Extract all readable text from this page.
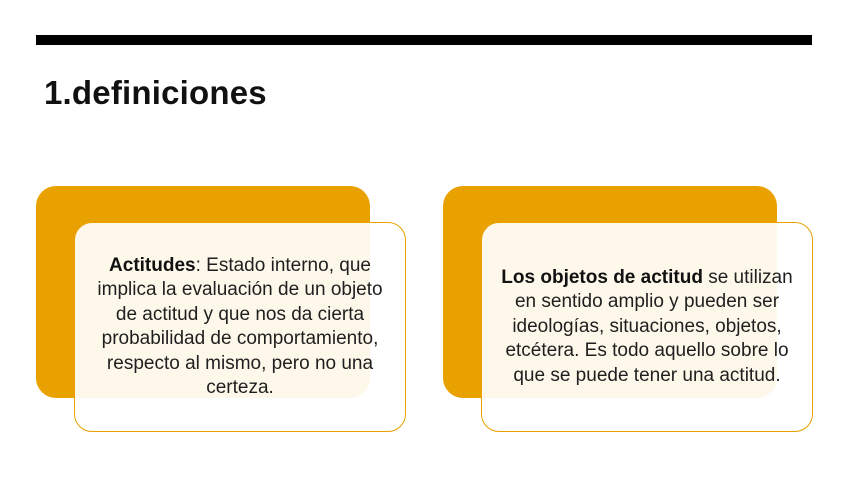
1.definiciones

Actitudes: Estado interno, que implica la evaluación de un objeto de actitud y que nos da cierta probabilidad de comportamiento, respecto al mismo, pero no una certeza.

Los objetos de actitud se utilizan en sentido amplio y pueden ser ideologías, situaciones, objetos, etcétera. Es todo aquello sobre lo que se puede tener una actitud.
